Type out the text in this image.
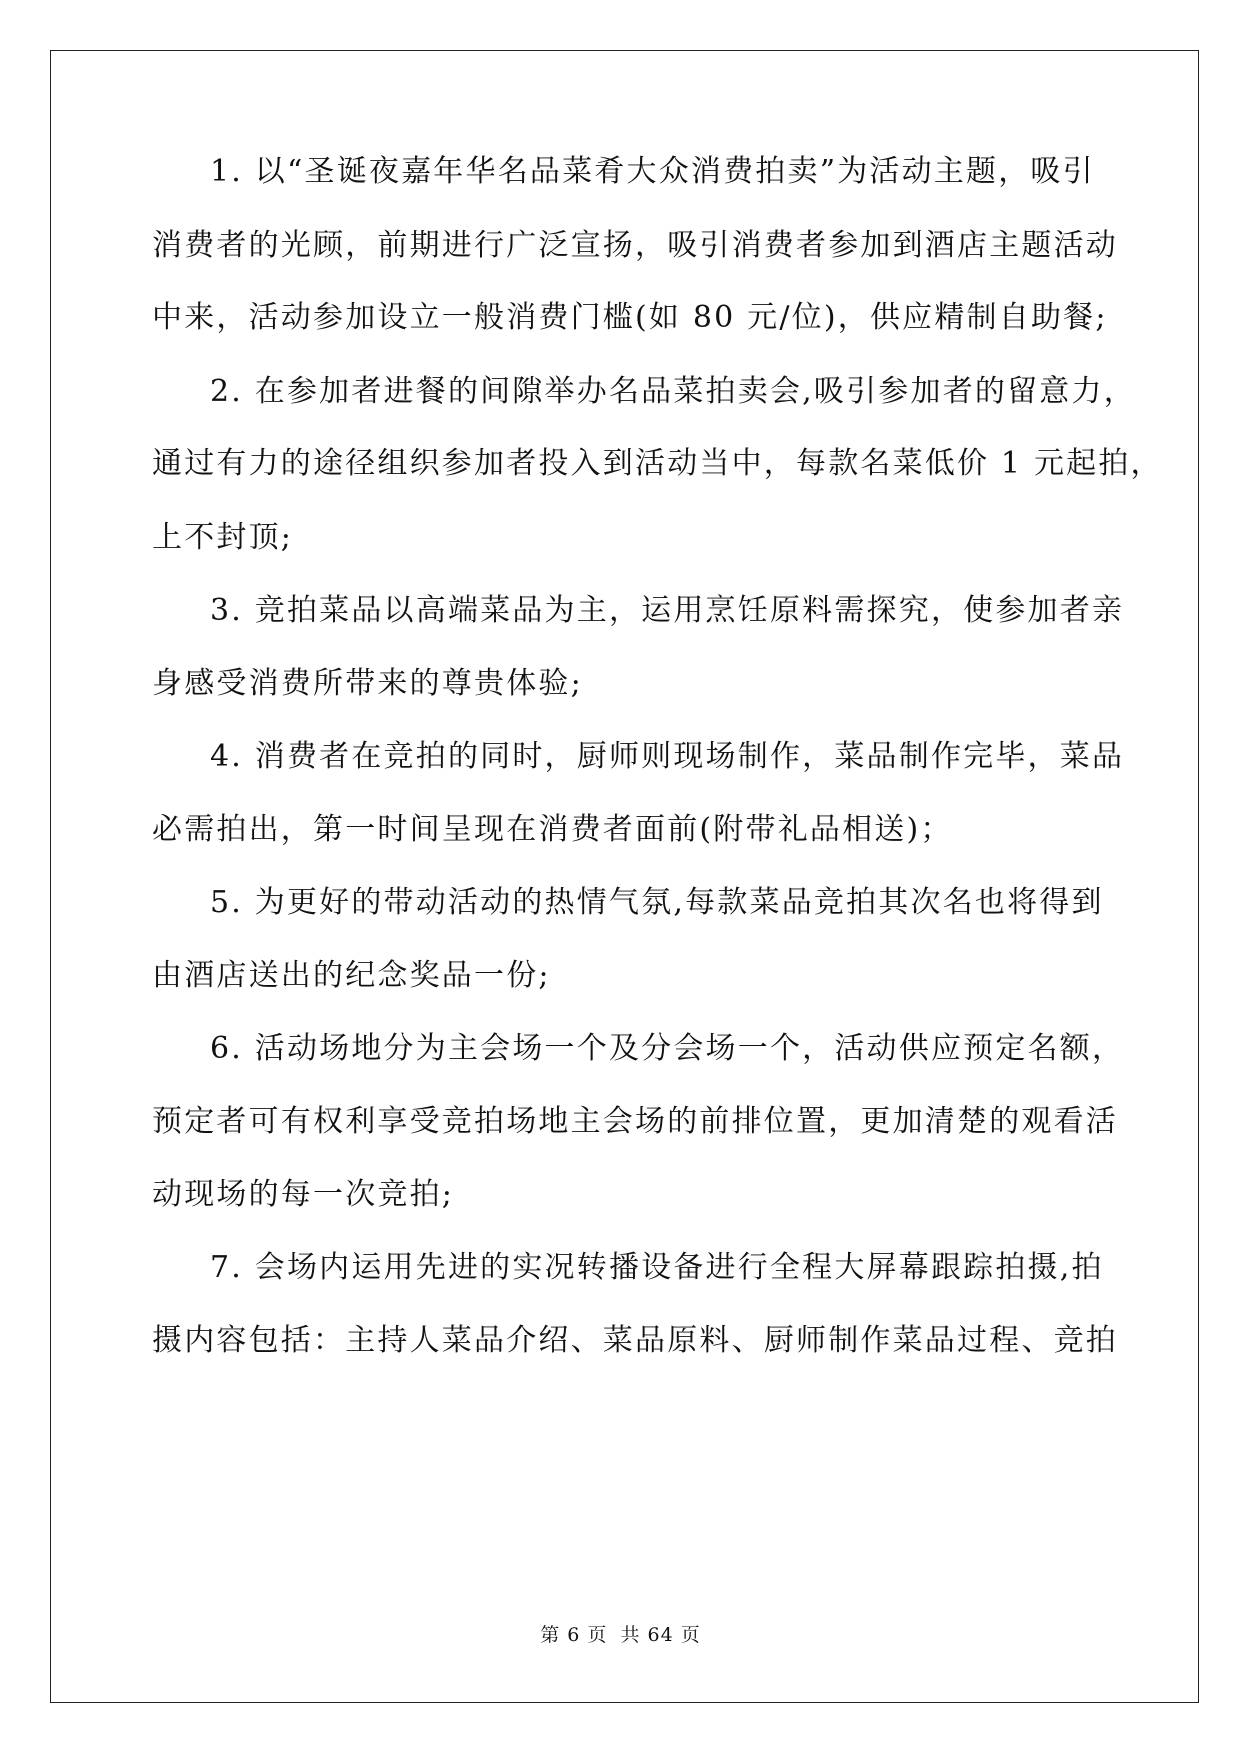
1. 以“圣诞夜嘉年华名品菜肴大众消费拍卖”为活动主题，吸引
消费者的光顾，前期进行广泛宣扬，吸引消费者参加到酒店主题活动
中来，活动参加设立一般消费门槛(如 80 元/位)，供应精制自助餐;
2. 在参加者进餐的间隙举办名品菜拍卖会,吸引参加者的留意力，
通过有力的途径组织参加者投入到活动当中，每款名菜低价 1 元起拍，
上不封顶;
3. 竞拍菜品以高端菜品为主，运用烹饪原料需探究，使参加者亲
身感受消费所带来的尊贵体验;
4. 消费者在竞拍的同时，厨师则现场制作，菜品制作完毕，菜品
必需拍出，第一时间呈现在消费者面前(附带礼品相送)；
5. 为更好的带动活动的热情气氛,每款菜品竞拍其次名也将得到
由酒店送出的纪念奖品一份;
6. 活动场地分为主会场一个及分会场一个，活动供应预定名额，
预定者可有权利享受竞拍场地主会场的前排位置，更加清楚的观看活
动现场的每一次竞拍;
7. 会场内运用先进的实况转播设备进行全程大屏幕跟踪拍摄,拍
摄内容包括：主持人菜品介绍、菜品原料、厨师制作菜品过程、竞拍
第 6 页 共 64 页
